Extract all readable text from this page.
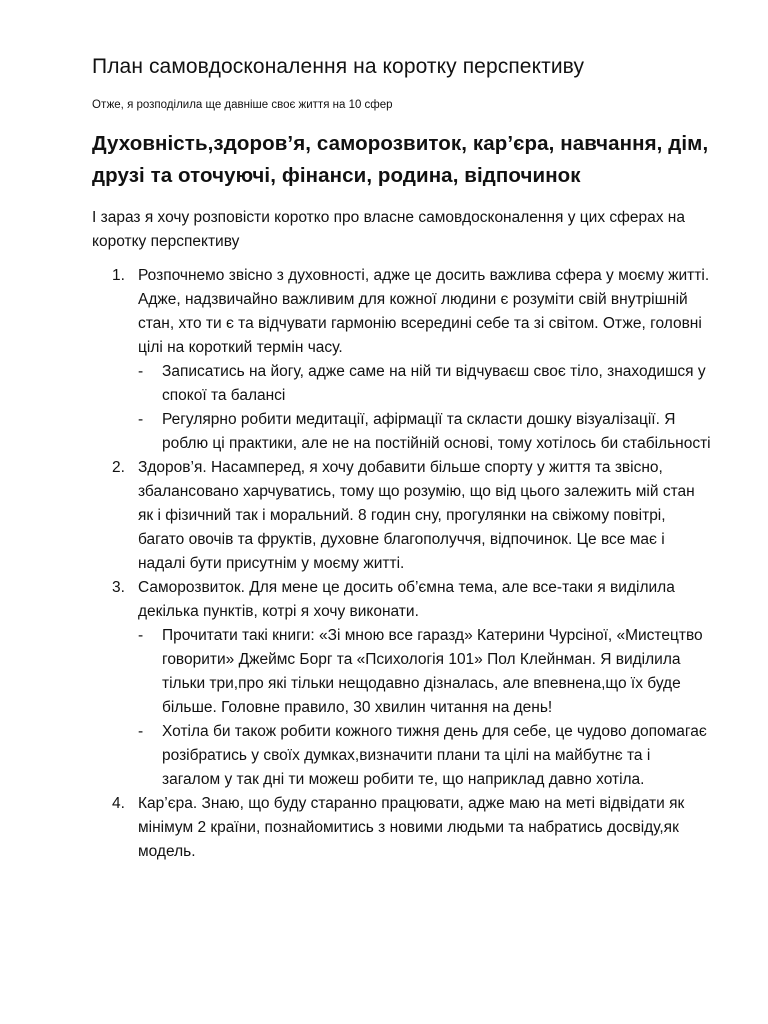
План самовдосконалення на коротку перспективу

Отже, я розподілила ще давніше своє життя на 10 сфер

Духовність,здоров’я, саморозвиток, кар’єра, навчання, дім, друзі та оточуючі, фінанси, родина, відпочинок

І зараз я хочу розповісти коротко про власне самовдосконалення у цих сферах на коротку перспективу

1. Розпочнемо звісно з духовності, адже це досить важлива сфера у моєму житті. Адже, надзвичайно важливим для кожної людини є розуміти свій внутрішній стан, хто ти є та відчувати гармонію всередині себе та зі світом. Отже, головні цілі на короткий термін часу.
- Записатись на йогу, адже саме на ній ти відчуваєш своє тіло, знаходишся у спокої та балансі
- Регулярно робити медитації, афірмації та скласти дошку візуалізації. Я роблю ці практики, але не на постійній основі, тому хотілось би стабільності
2. Здоров’я. Насамперед, я хочу добавити більше спорту у життя та звісно, збалансовано харчуватись, тому що розумію, що від цього залежить мій стан як і фізичний так і моральний. 8 годин сну, прогулянки на свіжому повітрі, багато овочів та фруктів, духовне благополуччя, відпочинок. Це все має і надалі бути присутнім у моєму житті.
3. Саморозвиток. Для мене це досить об’ємна тема, але все-таки я виділила декілька пунктів, котрі я хочу виконати.
- Прочитати такі книги: «Зі мною все гаразд» Катерини Чурсіної, «Мистецтво говорити» Джеймс Борг та «Психологія 101» Пол Клейнман. Я виділила тільки три,про які тільки нещодавно дізналась, але впевнена,що їх буде більше. Головне правило, 30 хвилин читання на день!
- Хотіла би також робити кожного тижня день для себе, це чудово допомагає розібратись у своїх думках,визначити плани та цілі на майбутнє та і загалом у так дні ти можеш робити те, що наприклад давно хотіла.
4. Кар’єра. Знаю, що буду старанно працювати, адже маю на меті відвідати як мінімум 2 країни, познайомитись з новими людьми та набратись досвіду,як модель.
